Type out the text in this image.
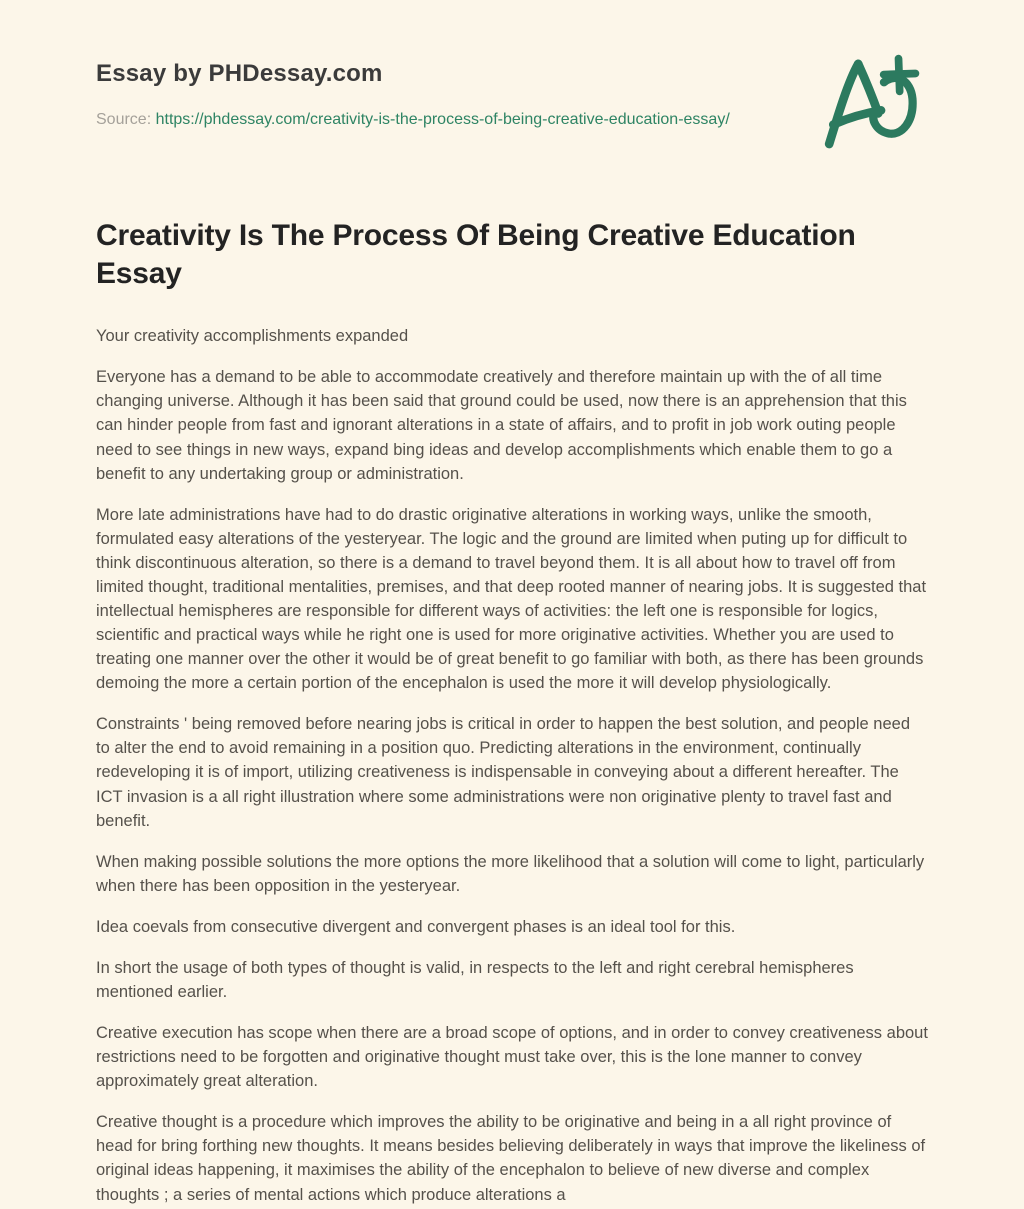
Essay by PHDessay.com
Source: https://phdessay.com/creativity-is-the-process-of-being-creative-education-essay/
Creativity Is The Process Of Being Creative Education Essay

Your creativity accomplishments expanded

Everyone has a demand to be able to accommodate creatively and therefore maintain up with the of all time changing universe. Although it has been said that ground could be used, now there is an apprehension that this can hinder people from fast and ignorant alterations in a state of affairs, and to profit in job work outing people need to see things in new ways, expand bing ideas and develop accomplishments which enable them to go a benefit to any undertaking group or administration.

More late administrations have had to do drastic originative alterations in working ways, unlike the smooth, formulated easy alterations of the yesteryear. The logic and the ground are limited when puting up for difficult to think discontinuous alteration, so there is a demand to travel beyond them. It is all about how to travel off from limited thought, traditional mentalities, premises, and that deep rooted manner of nearing jobs. It is suggested that intellectual hemispheres are responsible for different ways of activities: the left one is responsible for logics, scientific and practical ways while he right one is used for more originative activities. Whether you are used to treating one manner over the other it would be of great benefit to go familiar with both, as there has been grounds demoing the more a certain portion of the encephalon is used the more it will develop physiologically.

Constraints ' being removed before nearing jobs is critical in order to happen the best solution, and people need to alter the end to avoid remaining in a position quo. Predicting alterations in the environment, continually redeveloping it is of import, utilizing creativeness is indispensable in conveying about a different hereafter. The ICT invasion is a all right illustration where some administrations were non originative plenty to travel fast and benefit.

When making possible solutions the more options the more likelihood that a solution will come to light, particularly when there has been opposition in the yesteryear.

Idea coevals from consecutive divergent and convergent phases is an ideal tool for this.

In short the usage of both types of thought is valid, in respects to the left and right cerebral hemispheres mentioned earlier.

Creative execution has scope when there are a broad scope of options, and in order to convey creativeness about restrictions need to be forgotten and originative thought must take over, this is the lone manner to convey approximately great alteration.

Creative thought is a procedure which improves the ability to be originative and being in a all right province of head for bring forthing new thoughts. It means besides believing deliberately in ways that improve the likeliness of original ideas happening, it maximises the ability of the encephalon to believe of new diverse and complex thoughts ; a series of mental actions which produce alterations a
